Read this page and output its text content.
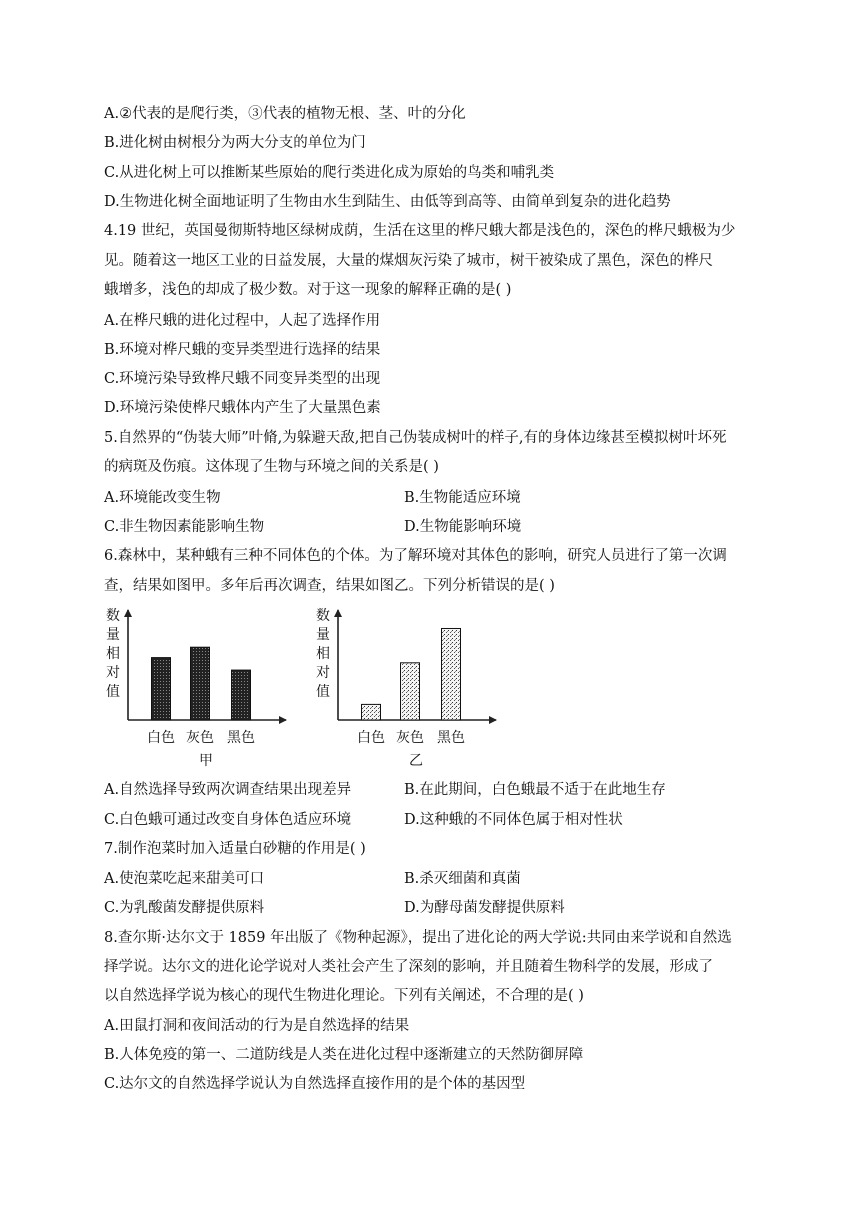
A.②代表的是爬行类，③代表的植物无根、茎、叶的分化
B.进化树由树根分为两大分支的单位为门
C.从进化树上可以推断某些原始的爬行类进化成为原始的鸟类和哺乳类
D.生物进化树全面地证明了生物由水生到陆生、由低等到高等、由简单到复杂的进化趋势
4.19 世纪，英国曼彻斯特地区绿树成荫，生活在这里的桦尺蛾大都是浅色的，深色的桦尺蛾极为少
见。随着这一地区工业的日益发展，大量的煤烟灰污染了城市，树干被染成了黑色，深色的桦尺
蛾增多，浅色的却成了极少数。对于这一现象的解释正确的是( )
A.在桦尺蛾的进化过程中，人起了选择作用
B.环境对桦尺蛾的变异类型进行选择的结果
C.环境污染导致桦尺蛾不同变异类型的出现
D.环境污染使桦尺蛾体内产生了大量黑色素
5.自然界的“伪装大师”叶脩,为躲避天敌,把自己伪装成树叶的样子,有的身体边缘甚至模拟树叶坏死
的病斑及伤痕。这体现了生物与环境之间的关系是( )
A.环境能改变生物	B.生物能适应环境
C.非生物因素能影响生物	D.生物能影响环境
6.森林中，某种蛾有三种不同体色的个体。为了解环境对其体色的影响，研究人员进行了第一次调
查，结果如图甲。多年后再次调查，结果如图乙。下列分析错误的是( )
数
量
相
对
值
白色 灰色 黑色
甲
数
量
相
对
值
白色 灰色 黑色
乙
A.自然选择导致两次调查结果出现差异	B.在此期间，白色蛾最不适于在此地生存
C.白色蛾可通过改变自身体色适应环境	D.这种蛾的不同体色属于相对性状
7.制作泡菜时加入适量白砂糖的作用是( )
A.使泡菜吃起来甜美可口	B.杀灭细菌和真菌
C.为乳酸菌发酵提供原料	D.为酵母菌发酵提供原料
8.查尔斯·达尔文于 1859 年出版了《物种起源》，提出了进化论的两大学说:共同由来学说和自然选
择学说。达尔文的进化论学说对人类社会产生了深刻的影响，并且随着生物科学的发展，形成了
以自然选择学说为核心的现代生物进化理论。下列有关阐述，不合理的是( )
A.田鼠打洞和夜间活动的行为是自然选择的结果
B.人体免疫的第一、二道防线是人类在进化过程中逐渐建立的天然防御屏障
C.达尔文的自然选择学说认为自然选择直接作用的是个体的基因型
